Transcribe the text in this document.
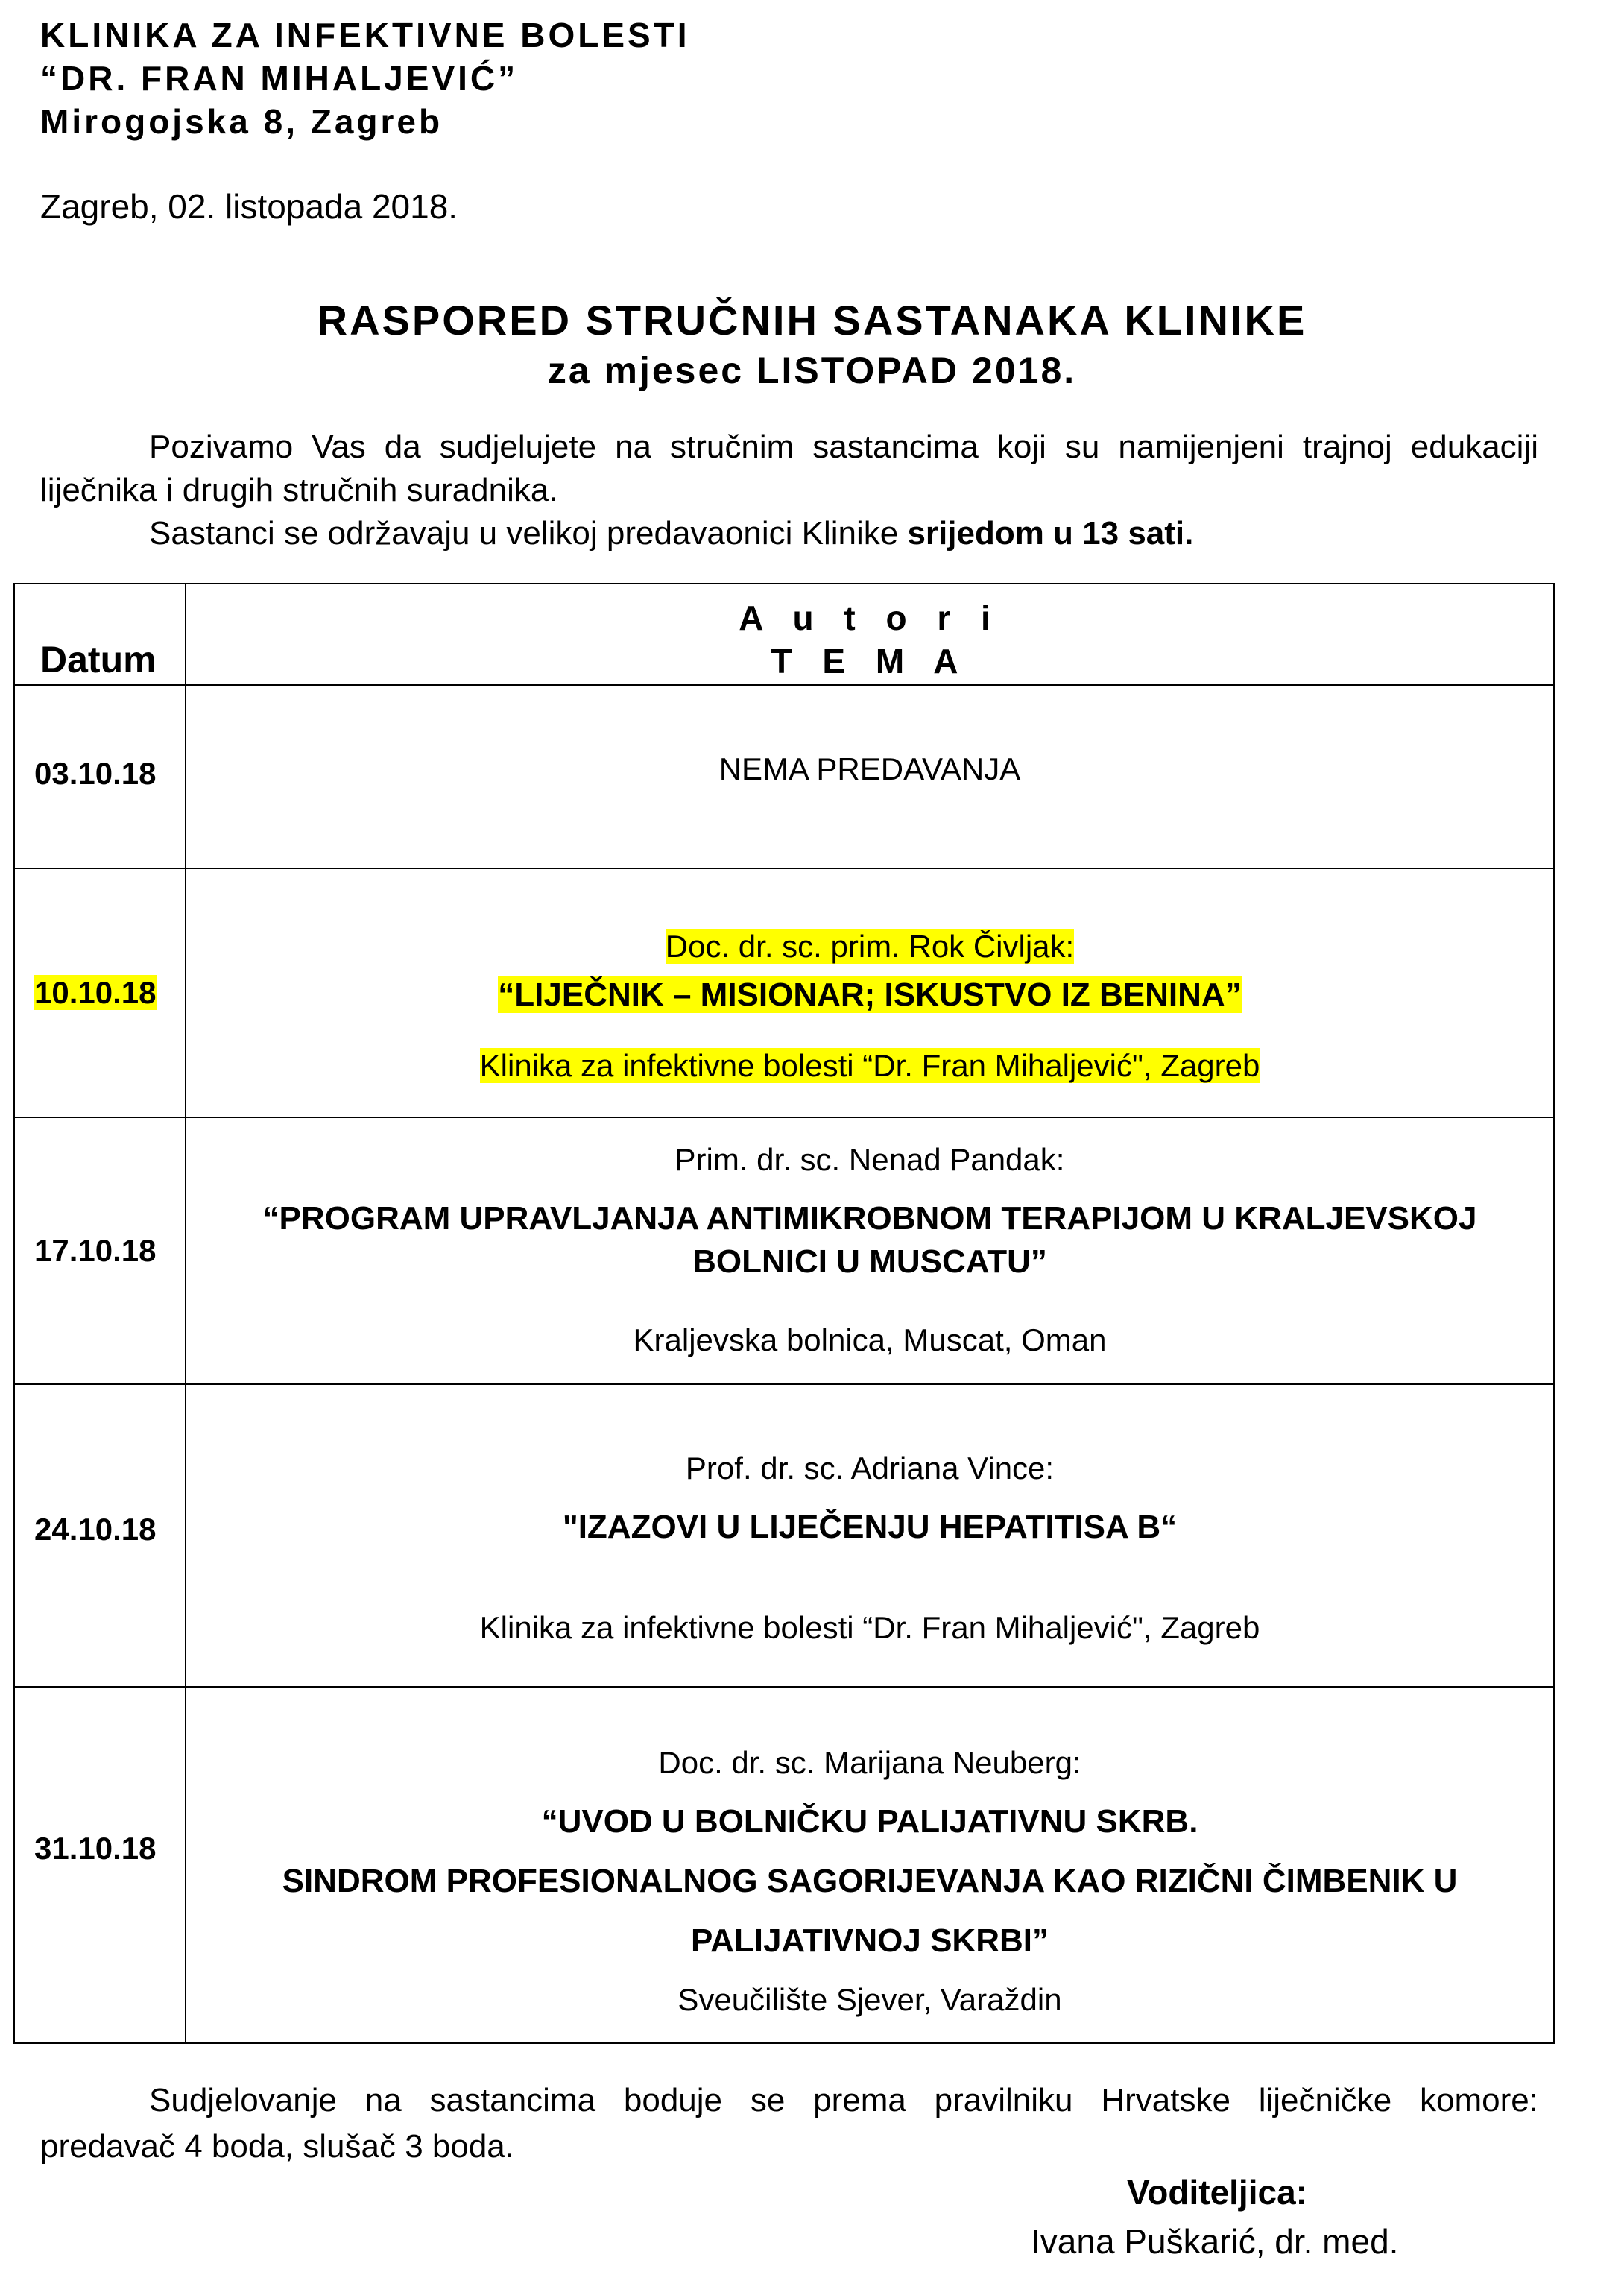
KLINIKA ZA INFEKTIVNE BOLESTI
“DR. FRAN MIHALJEVIĆ”
Mirogojska 8, Zagreb
Zagreb, 02. listopada 2018.
RASPORED STRUČNIH SASTANAKA KLINIKE
za mjesec LISTOPAD 2018.
Pozivamo Vas da sudjelujete na stručnim sastancima koji su namijenjeni trajnoj edukaciji
liječnika i drugih stručnih suradnika.
Sastanci se održavaju u velikoj predavaonici Klinike srijedom u 13 sati.
Datum	A u t o r i
T E M A

03.10.18	NEMA PREDAVANJA

10.10.18	Doc. dr. sc. prim. Rok Čivljak:
“LIJEČNIK – MISIONAR; ISKUSTVO IZ BENINA”
Klinika za infektivne bolesti “Dr. Fran Mihaljević", Zagreb

17.10.18	Prim. dr. sc. Nenad Pandak:
“PROGRAM UPRAVLJANJA ANTIMIKROBNOM TERAPIJOM U KRALJEVSKOJ
BOLNICI U MUSCATU”
Kraljevska bolnica, Muscat, Oman

24.10.18	Prof. dr. sc. Adriana Vince:
"IZAZOVI U LIJEČENJU HEPATITISA B“
Klinika za infektivne bolesti “Dr. Fran Mihaljević", Zagreb

31.10.18	Doc. dr. sc. Marijana Neuberg:
“UVOD U BOLNIČKU PALIJATIVNU SKRB.
SINDROM PROFESIONALNOG SAGORIJEVANJA KAO RIZIČNI ČIMBENIK U
PALIJATIVNOJ SKRBI”
Sveučilište Sjever, Varaždin
Sudjelovanje na sastancima boduje se prema pravilniku Hrvatske liječničke komore:
predavač 4 boda, slušač 3 boda.
Voditeljica:
Ivana Puškarić, dr. med.
